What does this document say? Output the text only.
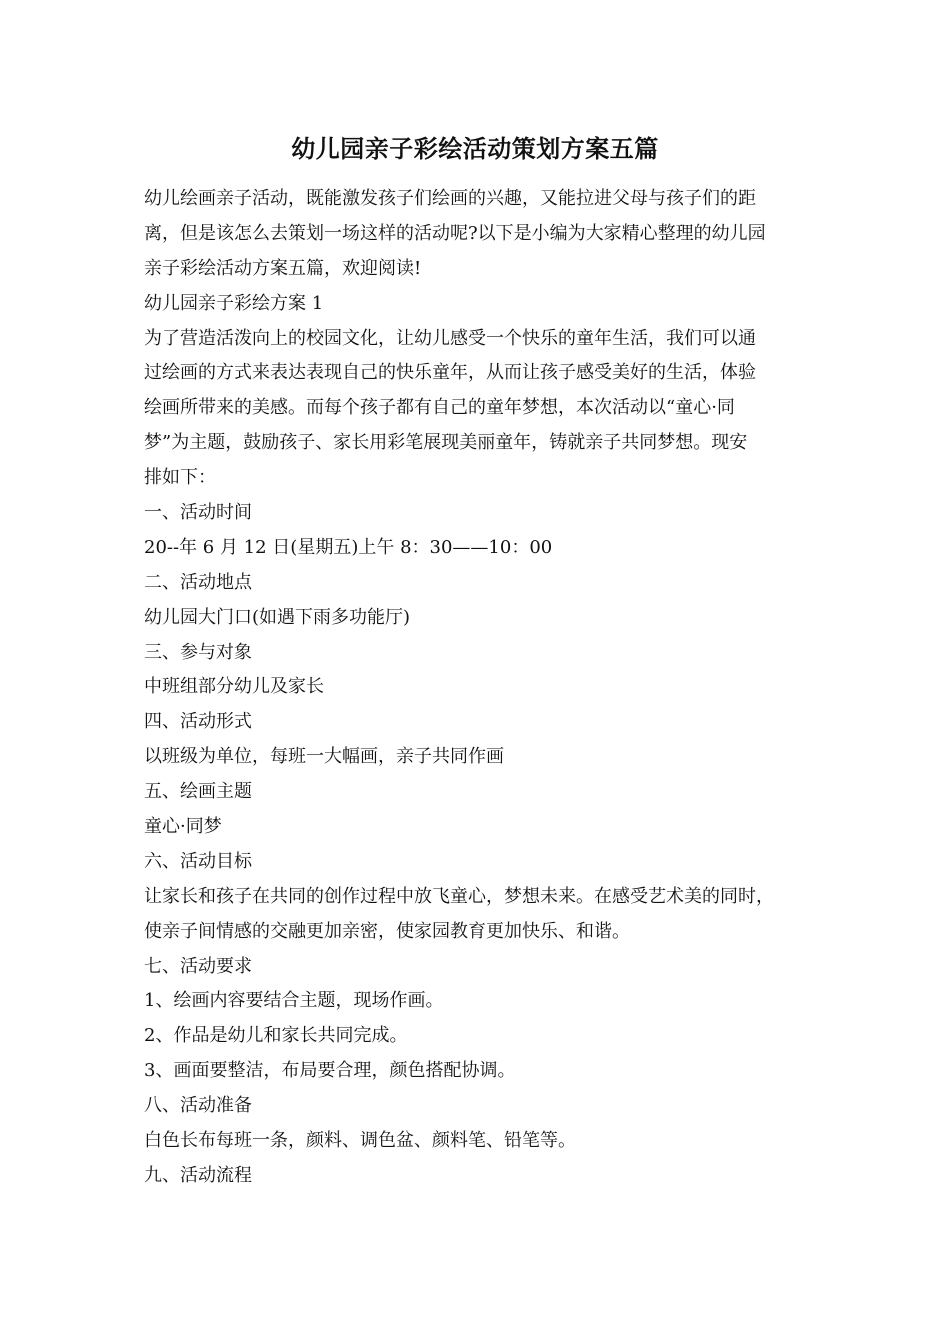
幼儿园亲子彩绘活动策划方案五篇

幼儿绘画亲子活动，既能激发孩子们绘画的兴趣，又能拉进父母与孩子们的距

离，但是该怎么去策划一场这样的活动呢?以下是小编为大家精心整理的幼儿园

亲子彩绘活动方案五篇，欢迎阅读!

幼儿园亲子彩绘方案 1

为了营造活泼向上的校园文化，让幼儿感受一个快乐的童年生活，我们可以通

过绘画的方式来表达表现自己的快乐童年，从而让孩子感受美好的生活，体验

绘画所带来的美感。而每个孩子都有自己的童年梦想，本次活动以“童心·同

梦”为主题，鼓励孩子、家长用彩笔展现美丽童年，铸就亲子共同梦想。现安

排如下：

一、活动时间

20--年 6 月 12 日(星期五)上午 8：30——10：00

二、活动地点

幼儿园大门口(如遇下雨多功能厅)

三、参与对象

中班组部分幼儿及家长

四、活动形式

以班级为单位，每班一大幅画，亲子共同作画

五、绘画主题

童心·同梦

六、活动目标

让家长和孩子在共同的创作过程中放飞童心，梦想未来。在感受艺术美的同时，

使亲子间情感的交融更加亲密，使家园教育更加快乐、和谐。

七、活动要求

1、绘画内容要结合主题，现场作画。

2、作品是幼儿和家长共同完成。

3、画面要整洁，布局要合理，颜色搭配协调。

八、活动准备

白色长布每班一条，颜料、调色盆、颜料笔、铅笔等。

九、活动流程
